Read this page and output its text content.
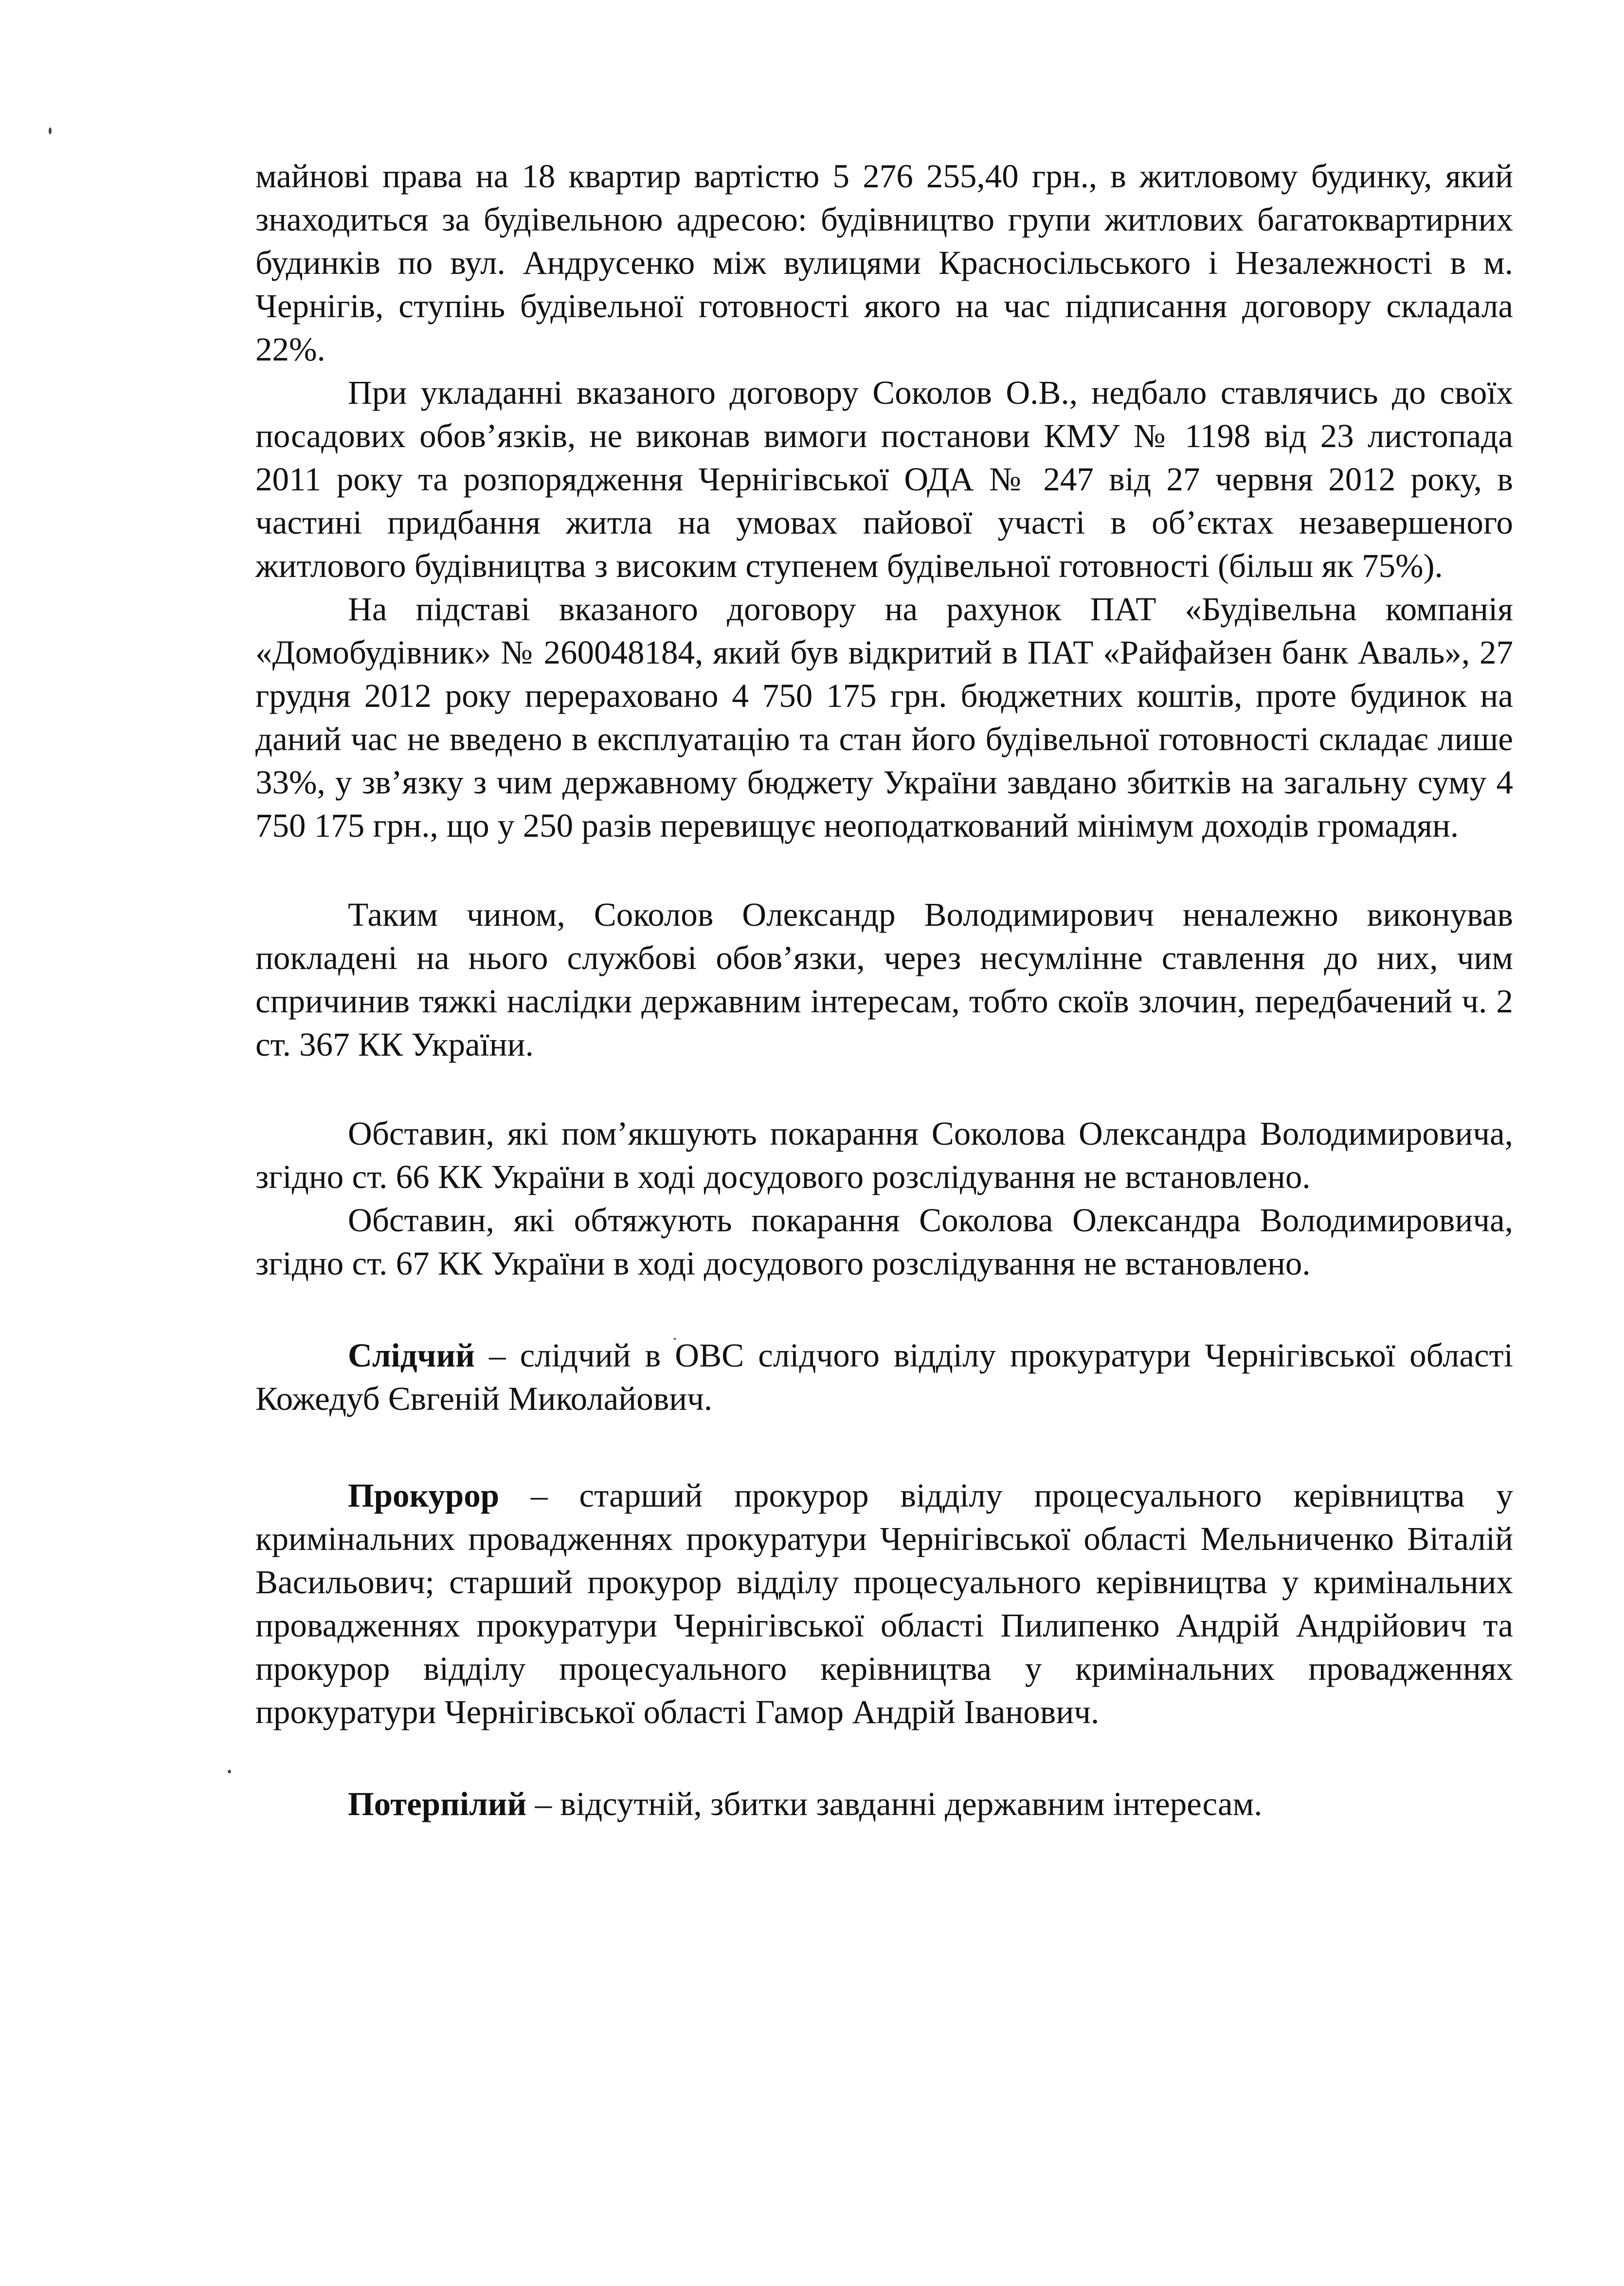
майнові права на 18 квартир вартістю 5 276 255,40 грн., в житловому будинку, який знаходиться за будівельною адресою: будівництво групи житлових багатоквартирних будинків по вул. Андрусенко між вулицями Красносільського і Незалежності в м. Чернігів, ступінь будівельної готовності якого на час підписання договору складала 22%.

При укладанні вказаного договору Соколов О.В., недбало ставлячись до своїх посадових обов’язків, не виконав вимоги постанови КМУ № 1198 від 23 листопада 2011 року та розпорядження Чернігівської ОДА № 247 від 27 червня 2012 року, в частині придбання житла на умовах пайової участі в об’єктах незавершеного житлового будівництва з високим ступенем будівельної готовності (більш як 75%).

На підставі вказаного договору на рахунок ПАТ «Будівельна компанія «Домобудівник» № 260048184, який був відкритий в ПАТ «Райфайзен банк Аваль», 27 грудня 2012 року перераховано 4 750 175 грн. бюджетних коштів, проте будинок на даний час не введено в експлуатацію та стан його будівельної готовності складає лише 33%, у зв’язку з чим державному бюджету України завдано збитків на загальну суму 4 750 175 грн., що у 250 разів перевищує неоподаткований мінімум доходів громадян.

Таким чином, Соколов Олександр Володимирович неналежно виконував покладені на нього службові обов’язки, через несумлінне ставлення до них, чим спричинив тяжкі наслідки державним інтересам, тобто скоїв злочин, передбачений ч. 2 ст. 367 КК України.

Обставин, які пом’якшують покарання Соколова Олександра Володимировича, згідно ст. 66 КК України в ході досудового розслідування не встановлено.

Обставин, які обтяжують покарання Соколова Олександра Володимировича, згідно ст. 67 КК України в ході досудового розслідування не встановлено.

Слідчий – слідчий в ОВС слідчого відділу прокуратури Чернігівської області Кожедуб Євгеній Миколайович.

Прокурор – старший прокурор відділу процесуального керівництва у кримінальних провадженнях прокуратури Чернігівської області Мельниченко Віталій Васильович; старший прокурор відділу процесуального керівництва у кримінальних провадженнях прокуратури Чернігівської області Пилипенко Андрій Андрійович та прокурор відділу процесуального керівництва у кримінальних провадженнях прокуратури Чернігівської області Гамор Андрій Іванович.

Потерпілий – відсутній, збитки завданні державним інтересам.
